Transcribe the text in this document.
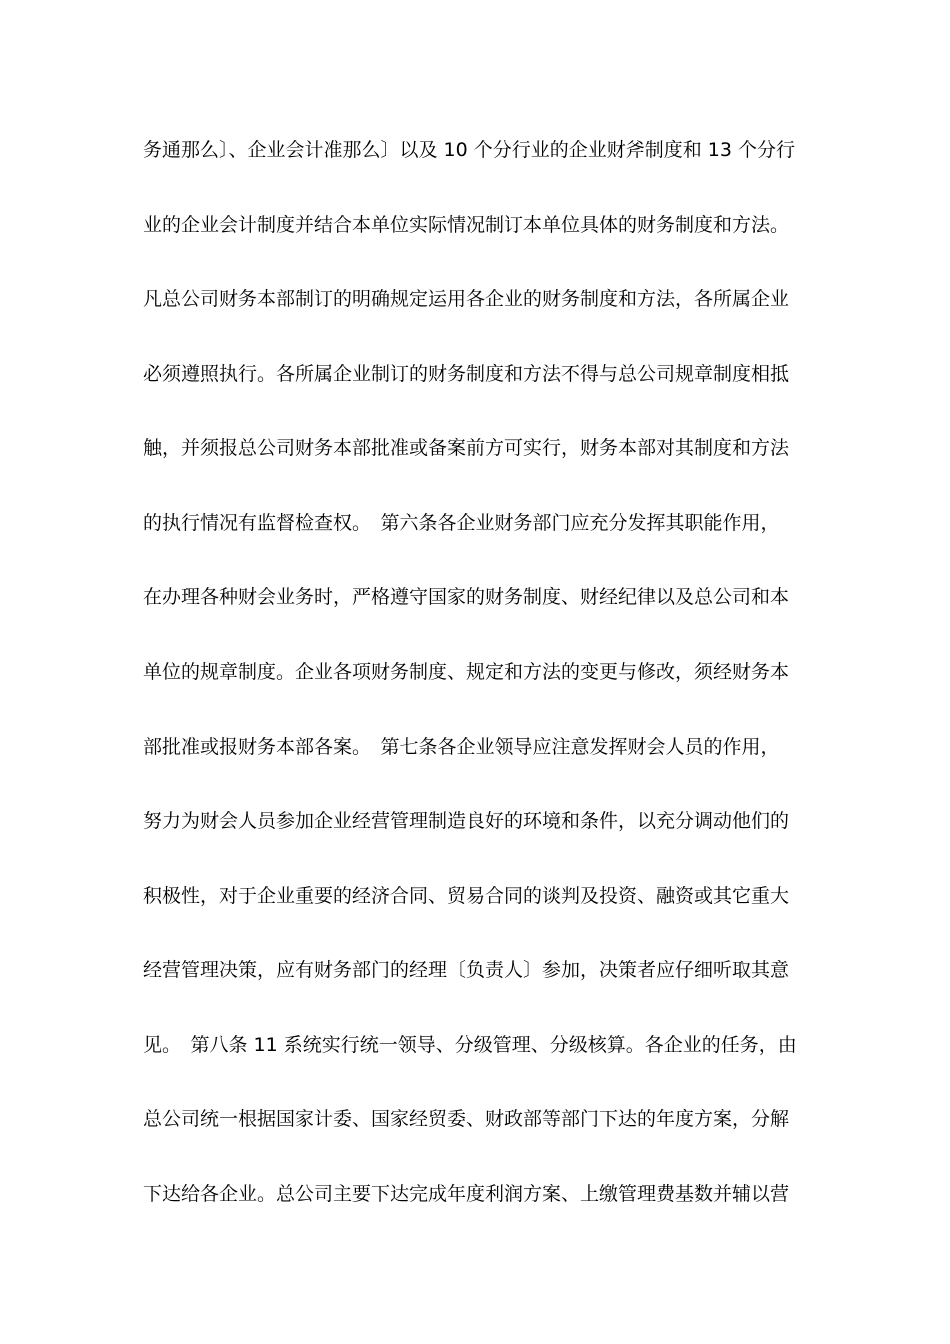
务通那么〕、企业会计准那么〕以及 10 个分行业的企业财斧制度和 13 个分行
业的企业会计制度并结合本单位实际情况制订本单位具体的财务制度和方法。
凡总公司财务本部制订的明确规定运用各企业的财务制度和方法，各所属企业
必须遵照执行。各所属企业制订的财务制度和方法不得与总公司规章制度相抵
触，并须报总公司财务本部批准或备案前方可实行，财务本部对其制度和方法
的执行情况有监督检查权。　第六条各企业财务部门应充分发挥其职能作用，
在办理各种财会业务时，严格遵守国家的财务制度、财经纪律以及总公司和本
单位的规章制度。企业各项财务制度、规定和方法的变更与修改，须经财务本
部批准或报财务本部各案。　第七条各企业领导应注意发挥财会人员的作用，
努力为财会人员参加企业经营管理制造良好的环境和条件，以充分调动他们的
积极性，对于企业重要的经济合同、贸易合同的谈判及投资、融资或其它重大
经营管理决策，应有财务部门的经理〔负责人〕参加，决策者应仔细听取其意
见。　第八条 11 系统实行统一领导、分级管理、分级核算。各企业的任务，由
总公司统一根据国家计委、国家经贸委、财政部等部门下达的年度方案，分解
下达给各企业。总公司主要下达完成年度利润方案、上缴管理费基数并辅以营
